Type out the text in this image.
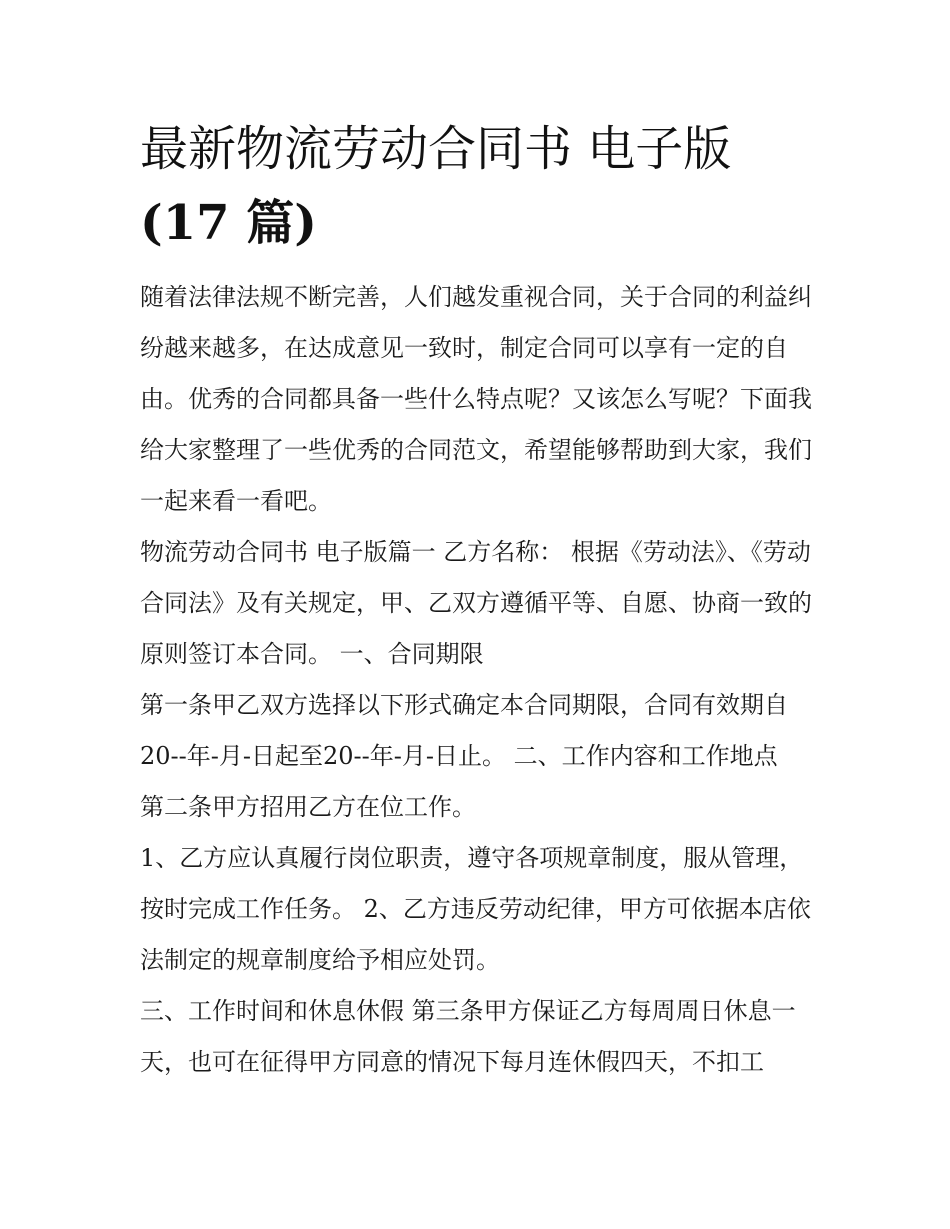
最新物流劳动合同书 电子版
(17 篇)

随着法律法规不断完善，人们越发重视合同，关于合同的利益纠纷越来越多，在达成意见一致时，制定合同可以享有一定的自由。优秀的合同都具备一些什么特点呢？又该怎么写呢？下面我给大家整理了一些优秀的合同范文，希望能够帮助到大家，我们一起来看一看吧。

物流劳动合同书 电子版篇一 乙方名称： 根据《劳动法》、《劳动合同法》及有关规定，甲、乙双方遵循平等、自愿、协商一致的原则签订本合同。 一、合同期限

第一条甲乙双方选择以下形式确定本合同期限，合同有效期自20--年-月-日起至20--年-月-日止。 二、工作内容和工作地点

第二条甲方招用乙方在位工作。

1、乙方应认真履行岗位职责，遵守各项规章制度，服从管理，按时完成工作任务。 2、乙方违反劳动纪律，甲方可依据本店依法制定的规章制度给予相应处罚。

三、工作时间和休息休假 第三条甲方保证乙方每周周日休息一天，也可在征得甲方同意的情况下每月连休假四天，不扣工
